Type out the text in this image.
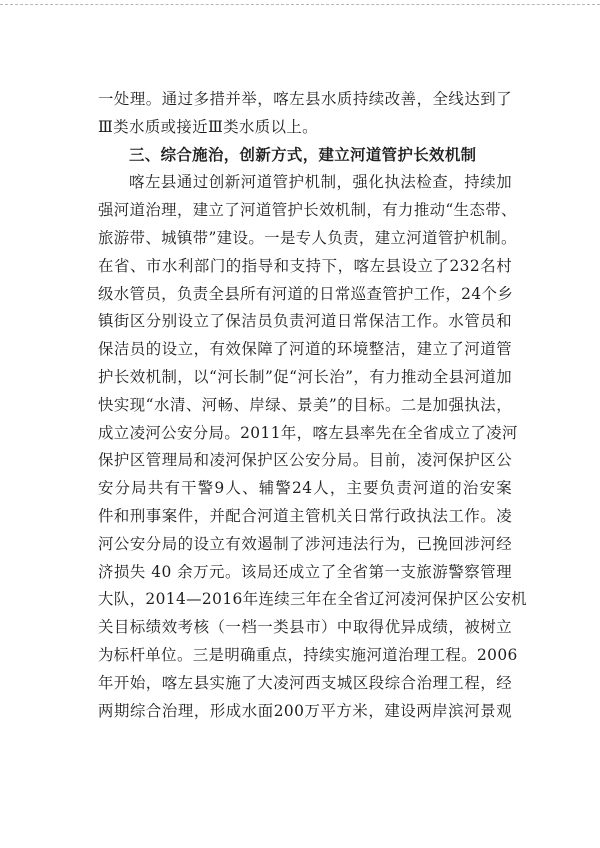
一处理。通过多措并举，喀左县水质持续改善，全线达到了
Ⅲ类水质或接近Ⅲ类水质以上。
三、综合施治，创新方式，建立河道管护长效机制
喀左县通过创新河道管护机制，强化执法检查，持续加
强河道治理，建立了河道管护长效机制，有力推动“生态带、
旅游带、城镇带”建设。一是专人负责，建立河道管护机制。
在省、市水利部门的指导和支持下，喀左县设立了232名村
级水管员，负责全县所有河道的日常巡查管护工作，24个乡
镇街区分别设立了保洁员负责河道日常保洁工作。水管员和
保洁员的设立，有效保障了河道的环境整洁，建立了河道管
护长效机制，以“河长制”促“河长治”，有力推动全县河道加
快实现“水清、河畅、岸绿、景美”的目标。二是加强执法，
成立凌河公安分局。2011年，喀左县率先在全省成立了凌河
保护区管理局和凌河保护区公安分局。目前，凌河保护区公
安分局共有干警9人、辅警24人，主要负责河道的治安案
件和刑事案件，并配合河道主管机关日常行政执法工作。凌
河公安分局的设立有效遏制了涉河违法行为，已挽回涉河经
济损失 40 余万元。该局还成立了全省第一支旅游警察管理
大队，2014—2016年连续三年在全省辽河凌河保护区公安机
关目标绩效考核（一档一类县市）中取得优异成绩，被树立
为标杆单位。三是明确重点，持续实施河道治理工程。2006
年开始，喀左县实施了大凌河西支城区段综合治理工程，经
两期综合治理，形成水面200万平方米，建设两岸滨河景观
